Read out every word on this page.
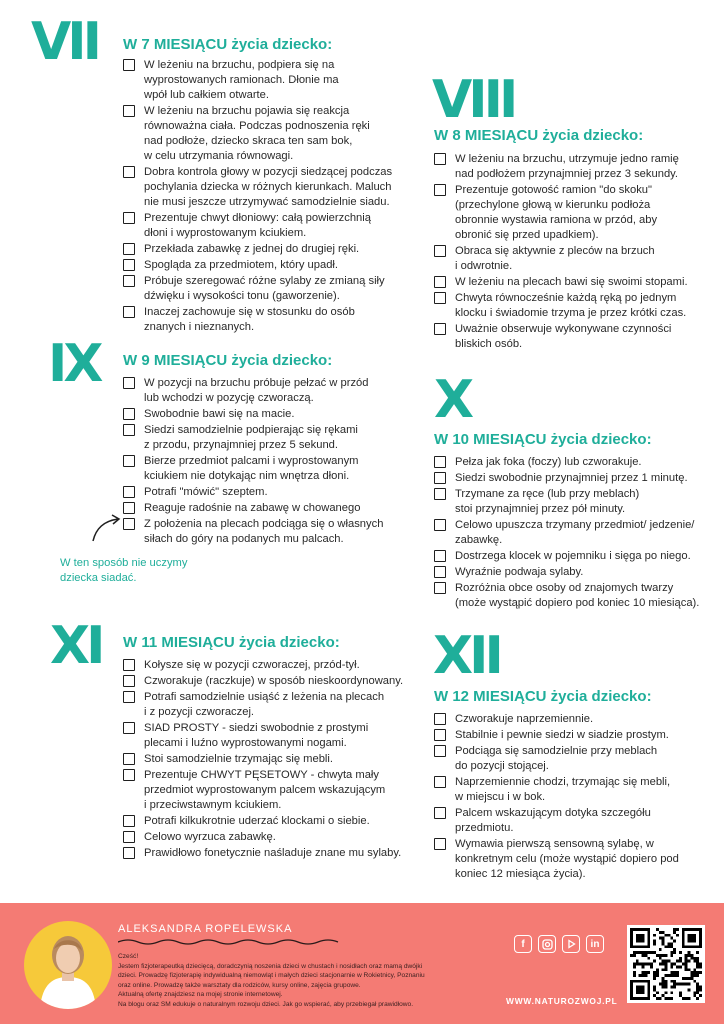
VII W 7 MIESIĄCU życia dziecko:
W leżeniu na brzuchu, podpiera się na
wyprostowanych ramionach. Dłonie ma
wpół lub całkiem otwarte.
W leżeniu na brzuchu pojawia się reakcja
równoważna ciała. Podczas podnoszenia ręki
nad podłoże, dziecko skraca ten sam bok,
w celu utrzymania równowagi.
Dobra kontrola głowy w pozycji siedzącej podczas
pochylania dziecka w różnych kierunkach. Maluch
nie musi jeszcze utrzymywać samodzielnie siadu.
Prezentuje chwyt dłoniowy: całą powierzchnią
dłoni i wyprostowanym kciukiem.
Przekłada zabawkę z jednej do drugiej ręki.
Spogląda za przedmiotem, który upadł.
Próbuje szeregować różne sylaby ze zmianą siły
dźwięku i wysokości tonu (gaworzenie).
Inaczej zachowuje się w stosunku do osób
znanych i nieznanych.
VIII
W 8 MIESIĄCU życia dziecko:
W leżeniu na brzuchu, utrzymuje jedno ramię
nad podłożem przynajmniej przez 3 sekundy.
Prezentuje gotowość ramion "do skoku"
(przechylone głową w kierunku podłoża
obronnie wystawia ramiona w przód, aby
obronić się przed upadkiem).
Obraca się aktywnie z pleców na brzuch
i odwrotnie.
W leżeniu na plecach bawi się swoimi stopami.
Chwyta równocześnie każdą ręką po jednym
klocku i świadomie trzyma je przez krótki czas.
Uważnie obserwuje wykonywane czynności
bliskich osób.
IX W 9 MIESIĄCU życia dziecko:
W pozycji na brzuchu próbuje pełzać w przód
lub wchodzi w pozycję czworaczą.
Swobodnie bawi się na macie.
Siedzi samodzielnie podpierając się rękami
z przodu, przynajmniej przez 5 sekund.
Bierze przedmiot palcami i wyprostowanym
kciukiem nie dotykając nim wnętrza dłoni.
Potrafi "mówić" szeptem.
Reaguje radośnie na zabawę w chowanego
Z położenia na plecach podciąga się o własnych
siłach do góry na podanych mu palcach.
X
W 10 MIESIĄCU życia dziecko:
Pełza jak foka (foczy) lub czworakuje.
Siedzi swobodnie przynajmniej przez 1 minutę.
Trzymane za ręce (lub przy meblach)
stoi przynajmniej przez pół minuty.
Celowo upuszcza trzymany przedmiot/ jedzenie/
zabawkę.
Dostrzega klocek w pojemniku i sięga po niego.
Wyraźnie podwaja sylaby.
Rozróżnia obce osoby od znajomych twarzy
(może wystąpić dopiero pod koniec 10 miesiąca).
XI W 11 MIESIĄCU życia dziecko:
Kołysze się w pozycji czworaczej, przód-tył.
Czworakuje (raczkuje) w sposób nieskoordynowany.
Potrafi samodzielnie usiąść z leżenia na plecach
i z pozycji czworaczej.
SIAD PROSTY - siedzi swobodnie z prostymi
plecami i luźno wyprostowanymi nogami.
Stoi samodzielnie trzymając się mebli.
Prezentuje CHWYT PĘSETOWY - chwyta mały
przedmiot wyprostowanym palcem wskazującym
i przeciwstawnym kciukiem.
Potrafi kilkukrotnie uderzać klockami o siebie.
Celowo wyrzuca zabawkę.
Prawidłowo fonetycznie naśladuje znane mu sylaby.
XII
W 12 MIESIĄCU życia dziecko:
Czworakuje naprzemiennie.
Stabilnie i pewnie siedzi w siadzie prostym.
Podciąga się samodzielnie przy meblach
do pozycji stojącej.
Naprzemiennie chodzi, trzymając się mebli,
w miejscu i w bok.
Palcem wskazującym dotyka szczegółu
przedmiotu.
Wymawia pierwszą sensowną sylabę, w
konkretnym celu (może wystąpić dopiero pod
koniec 12 miesiąca życia).
W ten sposób nie uczymy
dziecka siadać.
ALEKSANDRA ROPELEWSKA
Cześć!
Jestem fizjoterapeutką dziecięcą, doradczynią noszenia dzieci w chustach i nosidłach oraz mamą dwójki
dzieci. Prowadzę fizjoterapię indywidualną niemowląt i małych dzieci stacjonarnie w Rokietnicy, Poznaniu
oraz online. Prowadzę także warsztaty dla rodziców, kursy online, zajęcia grupowe.
Aktualną ofertę znajdziesz na mojej stronie internetowej.
Na blogu oraz SM edukuje o naturalnym rozwoju dzieci. Jak go wspierać, aby przebiegał prawidłowo.
f	in
WWW.NATUROZWOJ.PL
